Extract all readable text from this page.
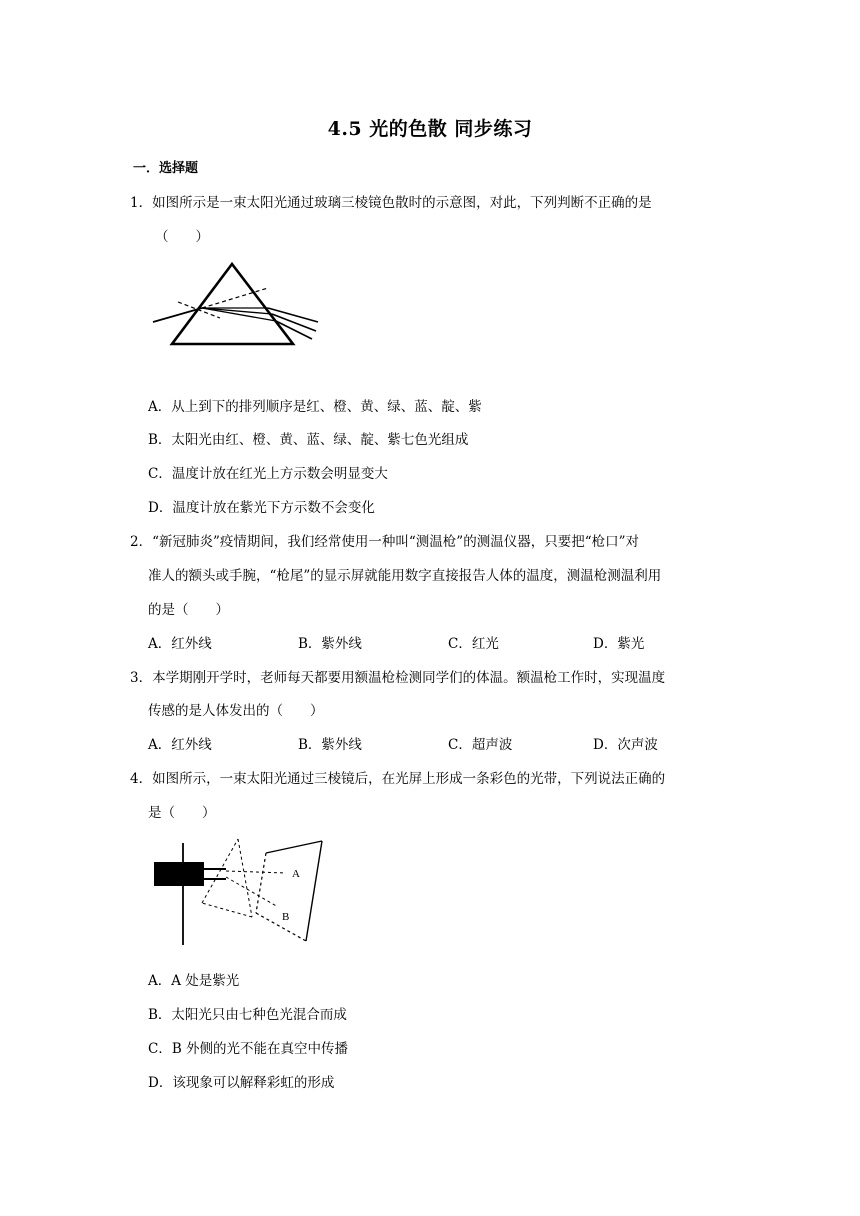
4.5 光的色散 同步练习
一．选择题
1．如图所示是一束太阳光通过玻璃三棱镜色散时的示意图，对此，下列判断不正确的是
（　　）
A．从上到下的排列顺序是红、橙、黄、绿、蓝、靛、紫
B．太阳光由红、橙、黄、蓝、绿、靛、紫七色光组成
C．温度计放在红光上方示数会明显变大
D．温度计放在紫光下方示数不会变化
2．“新冠肺炎”疫情期间，我们经常使用一种叫“测温枪”的测温仪器，只要把“枪口”对
准人的额头或手腕，“枪尾”的显示屏就能用数字直接报告人体的温度，测温枪测温利用
的是（　　）
A．红外线	B．紫外线	C．红光	D．紫光
3．本学期刚开学时，老师每天都要用额温枪检测同学们的体温。额温枪工作时，实现温度
传感的是人体发出的（　　）
A．红外线	B．紫外线	C．超声波	D．次声波
4．如图所示，一束太阳光通过三棱镜后，在光屏上形成一条彩色的光带，下列说法正确的
是（　　）
A
B
A．A 处是紫光
B．太阳光只由七种色光混合而成
C．B 外侧的光不能在真空中传播
D．该现象可以解释彩虹的形成
